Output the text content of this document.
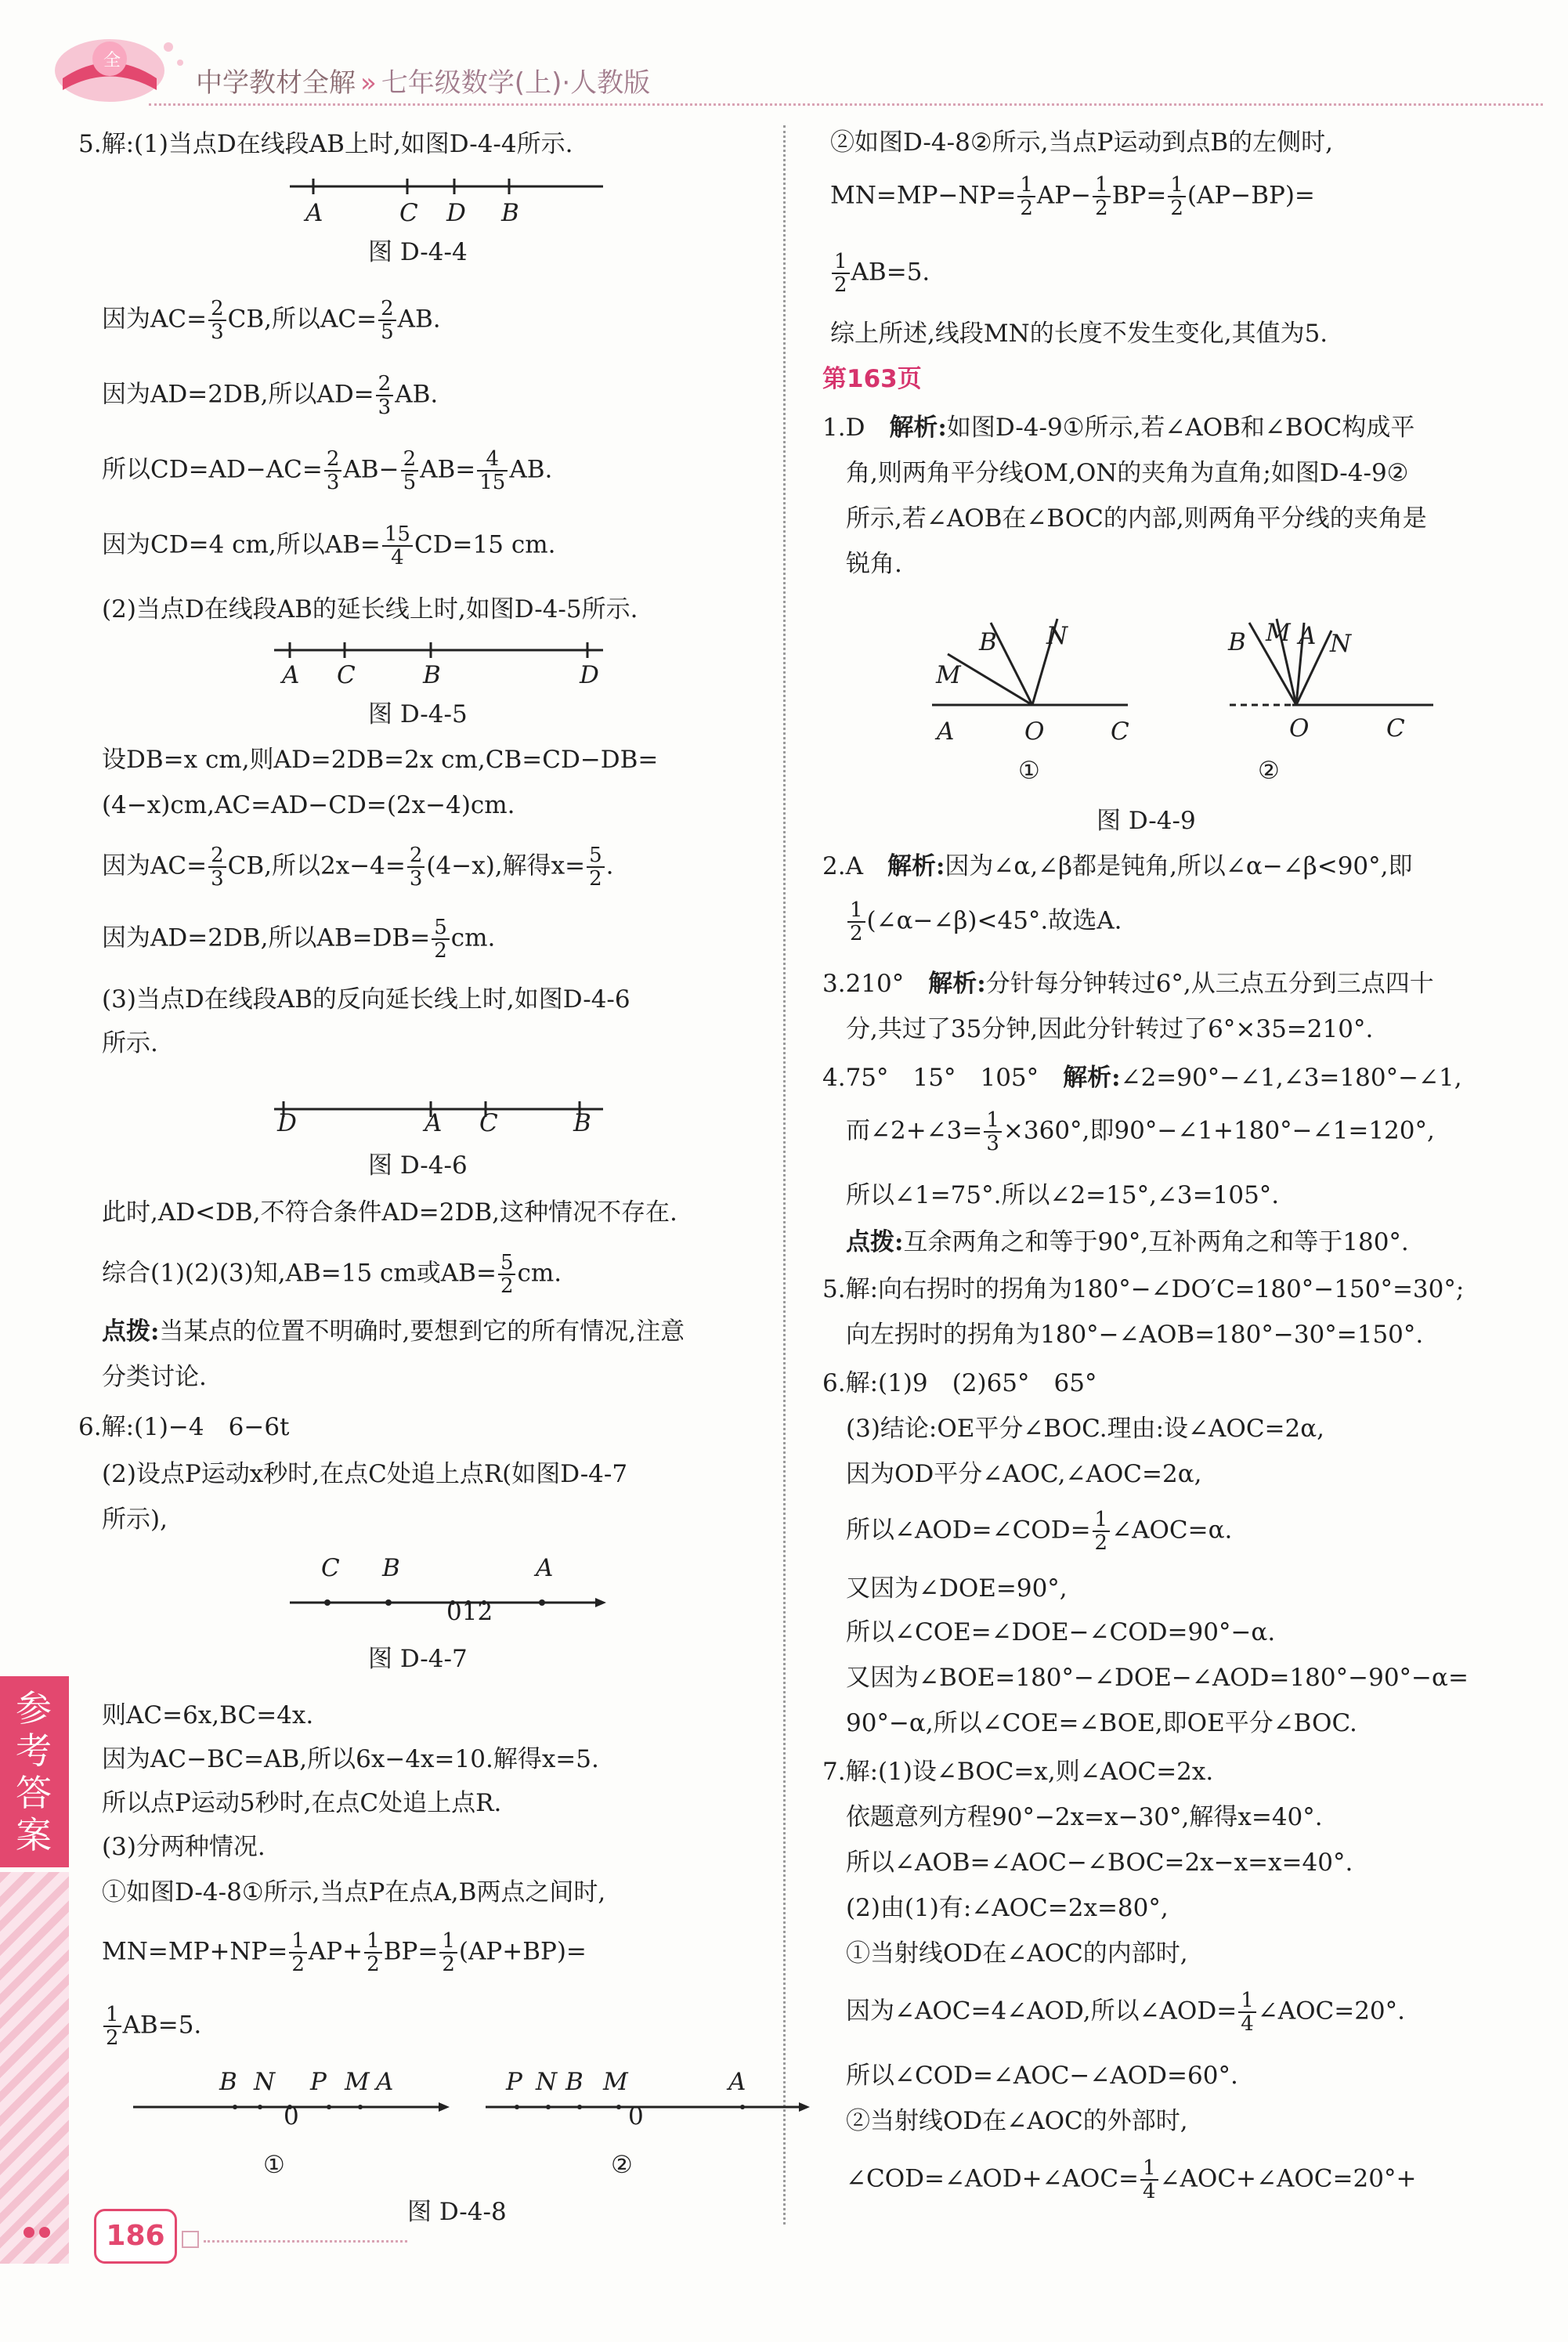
全
中学教材全解 » 七年级数学(上)·人教版
5.解:(1)当点D在线段AB上时,如图D-4-4所示.
A	C D B
图 D-4-4
因为$AC= \frac{2}{3}$ CB,所以$AC= \frac{2}{5}$ AB.
因为AD=2DB,所以$AD= \frac{2}{3}$ AB.
所以$CD=AD-AC= \frac{2}{3} AB- \frac{2}{5} AB= \frac{4}{15}$ AB.
因为CD=4 cm,所以$AB= \frac{15}{4} CD=15$ cm.
(2)当点D在线段AB的延长线上时,如图D-4-5所示.
A C	B	D
图 D-4-5
设DB=x cm,则AD=2DB=2x cm,CB=CD−DB=
(4−x)cm,AC=AD−CD=(2x−4)cm.
因为$AC= \frac{2}{3}$ CB,所以$2x-4= \frac{2}{3} (4-x)$,解得$x= \frac{5}{2}$ .
因为AD=2DB,所以$AB=DB= \frac{5}{2}$ cm.
(3)当点D在线段AB的反向延长线上时,如图D-4-6
所示.
D	A C	B
图 D-4-6
此时,AD<DB,不符合条件AD=2DB,这种情况不存在.
综合(1)(2)(3)知,AB=15 cm或$AB= \frac{5}{2}$ cm.
点拨:当某点的位置不明确时,要想到它的所有情况,注意
分类讨论.
6.解:(1)−4　6−6t
(2)设点P运动x秒时,在点C处追上点R(如图D-4-7
所示),
C B	A
012
图 D-4-7
则AC=6x,BC=4x.
因为AC−BC=AB,所以6x−4x=10.解得x=5.
所以点P运动5秒时,在点C处追上点R.
(3)分两种情况.
①如图D-4-8①所示,当点P在点A,B两点之间时,
$MN=MP+NP= \frac{1}{2} AP+ \frac{1}{2} BP= \frac{1}{2} (AP+BP)=$
$\frac{1}{2} AB=5$.
B N P M A
0
P N B M	A
0
①	②
图 D-4-8
②如图D-4-8②所示,当点P运动到点B的左侧时,
$MN=MP-NP= \frac{1}{2} AP- \frac{1}{2} BP= \frac{1}{2} (AP-BP)=$
$\frac{1}{2} AB=5$.
综上所述,线段MN的长度不发生变化,其值为5.
第163页
1.D　解析:如图D-4-9①所示,若∠AOB和∠BOC构成平
角,则两角平分线OM,ON的夹角为直角;如图D-4-9②
所示,若∠AOB在∠BOC的内部,则两角平分线的夹角是
锐角.
M
B N
A	O	C
B M A N
O	C
①	②
图 D-4-9
2.A　解析:因为∠α,∠β都是钝角,所以∠α−∠β<90°,即
$\frac{1}{2}$ (∠α−∠β)<45°.故选A.
3.210°　解析:分针每分钟转过6°,从三点五分到三点四十
分,共过了35分钟,因此分针转过了6°×35=210°.
4.75°　15°　105°　解析:∠2=90°−∠1,∠3=180°−∠1,
而∠2+∠3= $\frac{1}{3} \times 360^\circ$,即90°−∠1+180°−∠1=120°,
所以∠1=75°.所以∠2=15°,∠3=105°.
点拨:互余两角之和等于90°,互补两角之和等于180°.
5.解:向右拐时的拐角为180°−∠DO′C=180°−150°=30°;
向左拐时的拐角为180°−∠AOB=180°−30°=150°.
6.解:(1)9　(2)65°　65°
(3)结论:OE平分∠BOC.理由:设∠AOC=2α,
因为OD平分∠AOC,∠AOC=2α,
所以∠AOD=∠COD= $\frac{1}{2}$ ∠AOC=α.
又因为∠DOE=90°,
所以∠COE=∠DOE−∠COD=90°−α.
又因为∠BOE=180°−∠DOE−∠AOD=180°−90°−α=
90°−α,所以∠COE=∠BOE,即OE平分∠BOC.
7.解:(1)设∠BOC=x,则∠AOC=2x.
依题意列方程90°−2x=x−30°,解得x=40°.
所以∠AOB=∠AOC−∠BOC=2x−x=x=40°.
(2)由(1)有:∠AOC=2x=80°,
①当射线OD在∠AOC的内部时,
因为∠AOC=4∠AOD,所以∠AOD= $\frac{1}{4}$ ∠AOC=20°.
所以∠COD=∠AOC−∠AOD=60°.
②当射线OD在∠AOC的外部时,
∠COD=∠AOD+∠AOC= $\frac{1}{4}$ ∠AOC+∠AOC=20°+
参考答案
186
